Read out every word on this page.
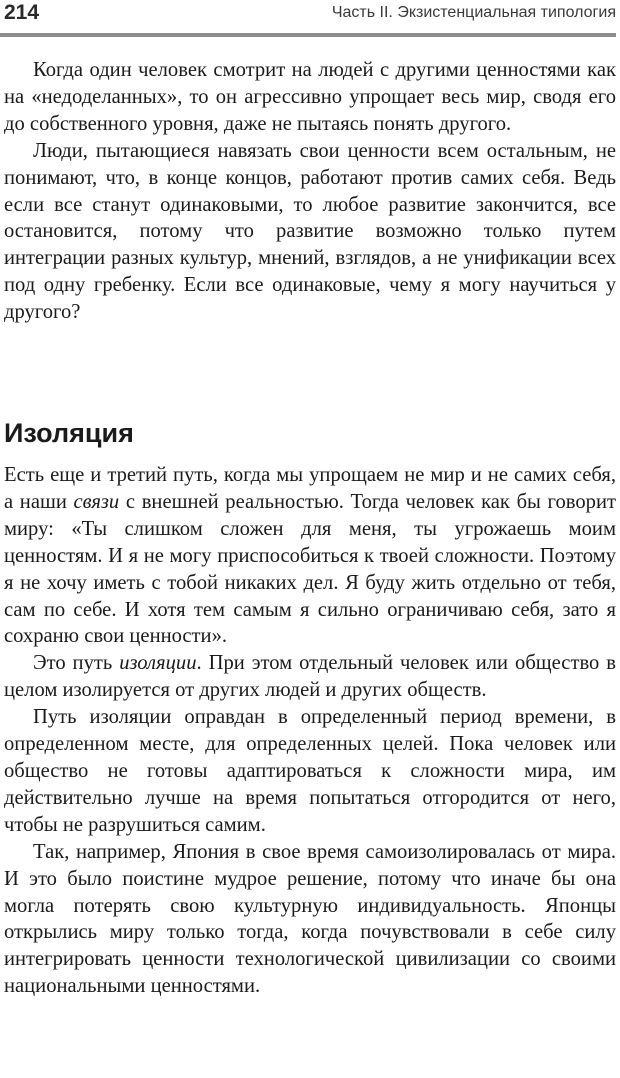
214	Часть II. Экзистенциальная типология

Когда один человек смотрит на людей с другими ценностями как на «недоделанных», то он агрессивно упрощает весь мир, сводя его до собственного уровня, даже не пытаясь понять другого.

Люди, пытающиеся навязать свои ценности всем остальным, не понимают, что, в конце концов, работают против самих себя. Ведь если все станут одинаковыми, то любое развитие закончится, все остановится, потому что развитие возможно только путем интеграции разных культур, мнений, взглядов, а не унификации всех под одну гребенку. Если все одинаковые, чему я могу научиться у другого?

Изоляция

Есть еще и третий путь, когда мы упрощаем не мир и не самих себя, а наши связи с внешней реальностью. Тогда человек как бы говорит миру: «Ты слишком сложен для меня, ты угрожаешь моим ценностям. И я не могу приспособиться к твоей сложности. Поэтому я не хочу иметь с тобой никаких дел. Я буду жить отдельно от тебя, сам по себе. И хотя тем самым я сильно ограничиваю себя, зато я сохраню свои ценности».

Это путь изоляции. При этом отдельный человек или общество в целом изолируется от других людей и других обществ.

Путь изоляции оправдан в определенный период времени, в определенном месте, для определенных целей. Пока человек или общество не готовы адаптироваться к сложности мира, им действительно лучше на время попытаться отгородится от него, чтобы не разрушиться самим.

Так, например, Япония в свое время самоизолировалась от мира. И это было поистине мудрое решение, потому что иначе бы она могла потерять свою культурную индивидуальность. Японцы открылись миру только тогда, когда почувствовали в себе силу интегрировать ценности технологической цивилизации со своими национальными ценностями.
